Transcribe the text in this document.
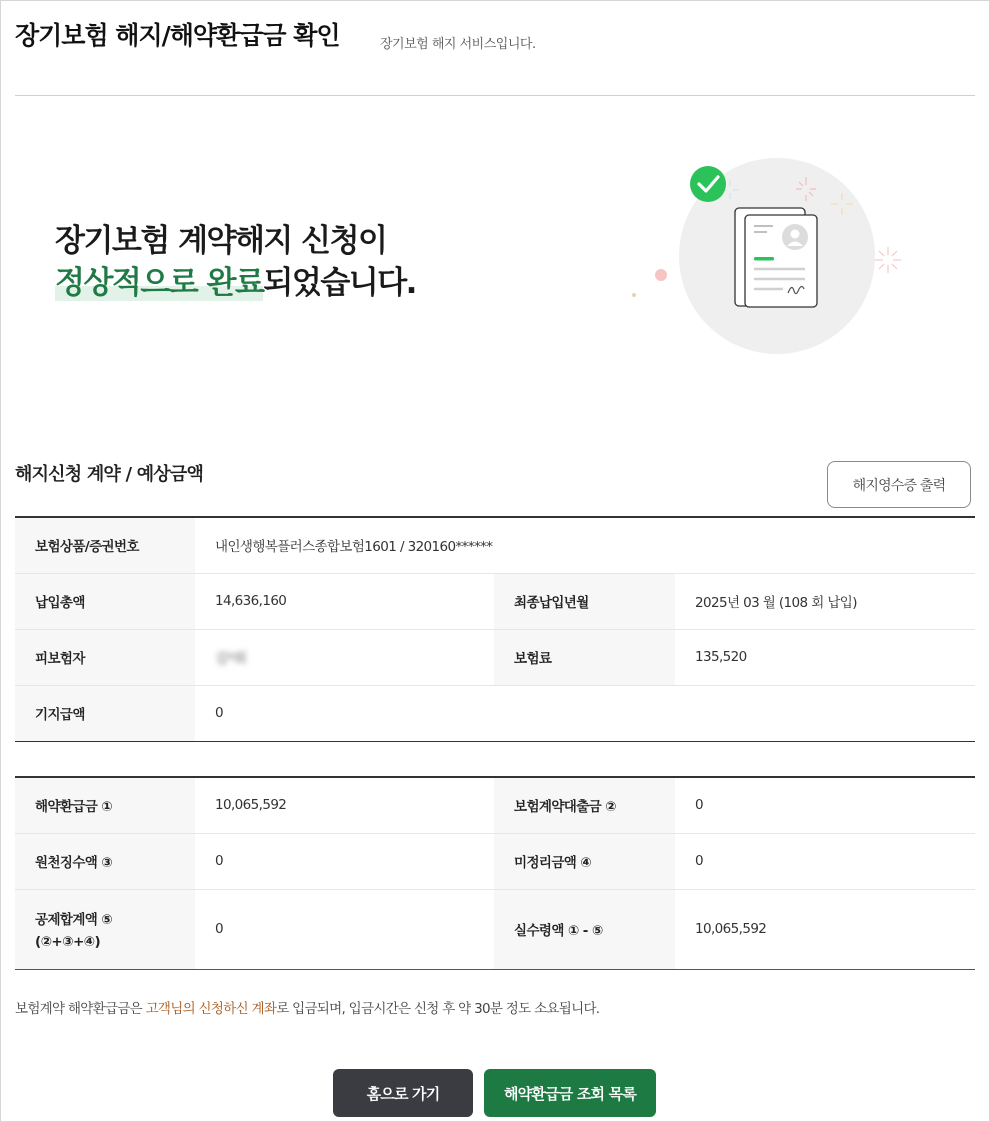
장기보험 해지/해약환급금 확인	장기보험 해지 서비스입니다.
장기보험 계약해지 신청이
정상적으로 완료되었습니다.
해지신청 계약 / 예상금액
해지영수증 출력
보험상품/증권번호	내인생행복플러스종합보험1601 / 320160******		
납입총액	14,636,160	최종납입년월	2025년 03 월 (108 회 납입)
피보험자	김*희	보험료	135,520
기지급액	0		
해약환급금 ①	10,065,592	보험계약대출금 ②	0
원천징수액 ③	0	미정리금액 ④	0

공제합계액 ⑤
(②+③+④)	0	실수령액 ① - ⑤	10,065,592

보험계약 해약환급금은 고객님의 신청하신 계좌로 입금되며, 입금시간은 신청 후 약 30분 정도 소요됩니다.

홈으로 가기	해약환급금 조회 목록
